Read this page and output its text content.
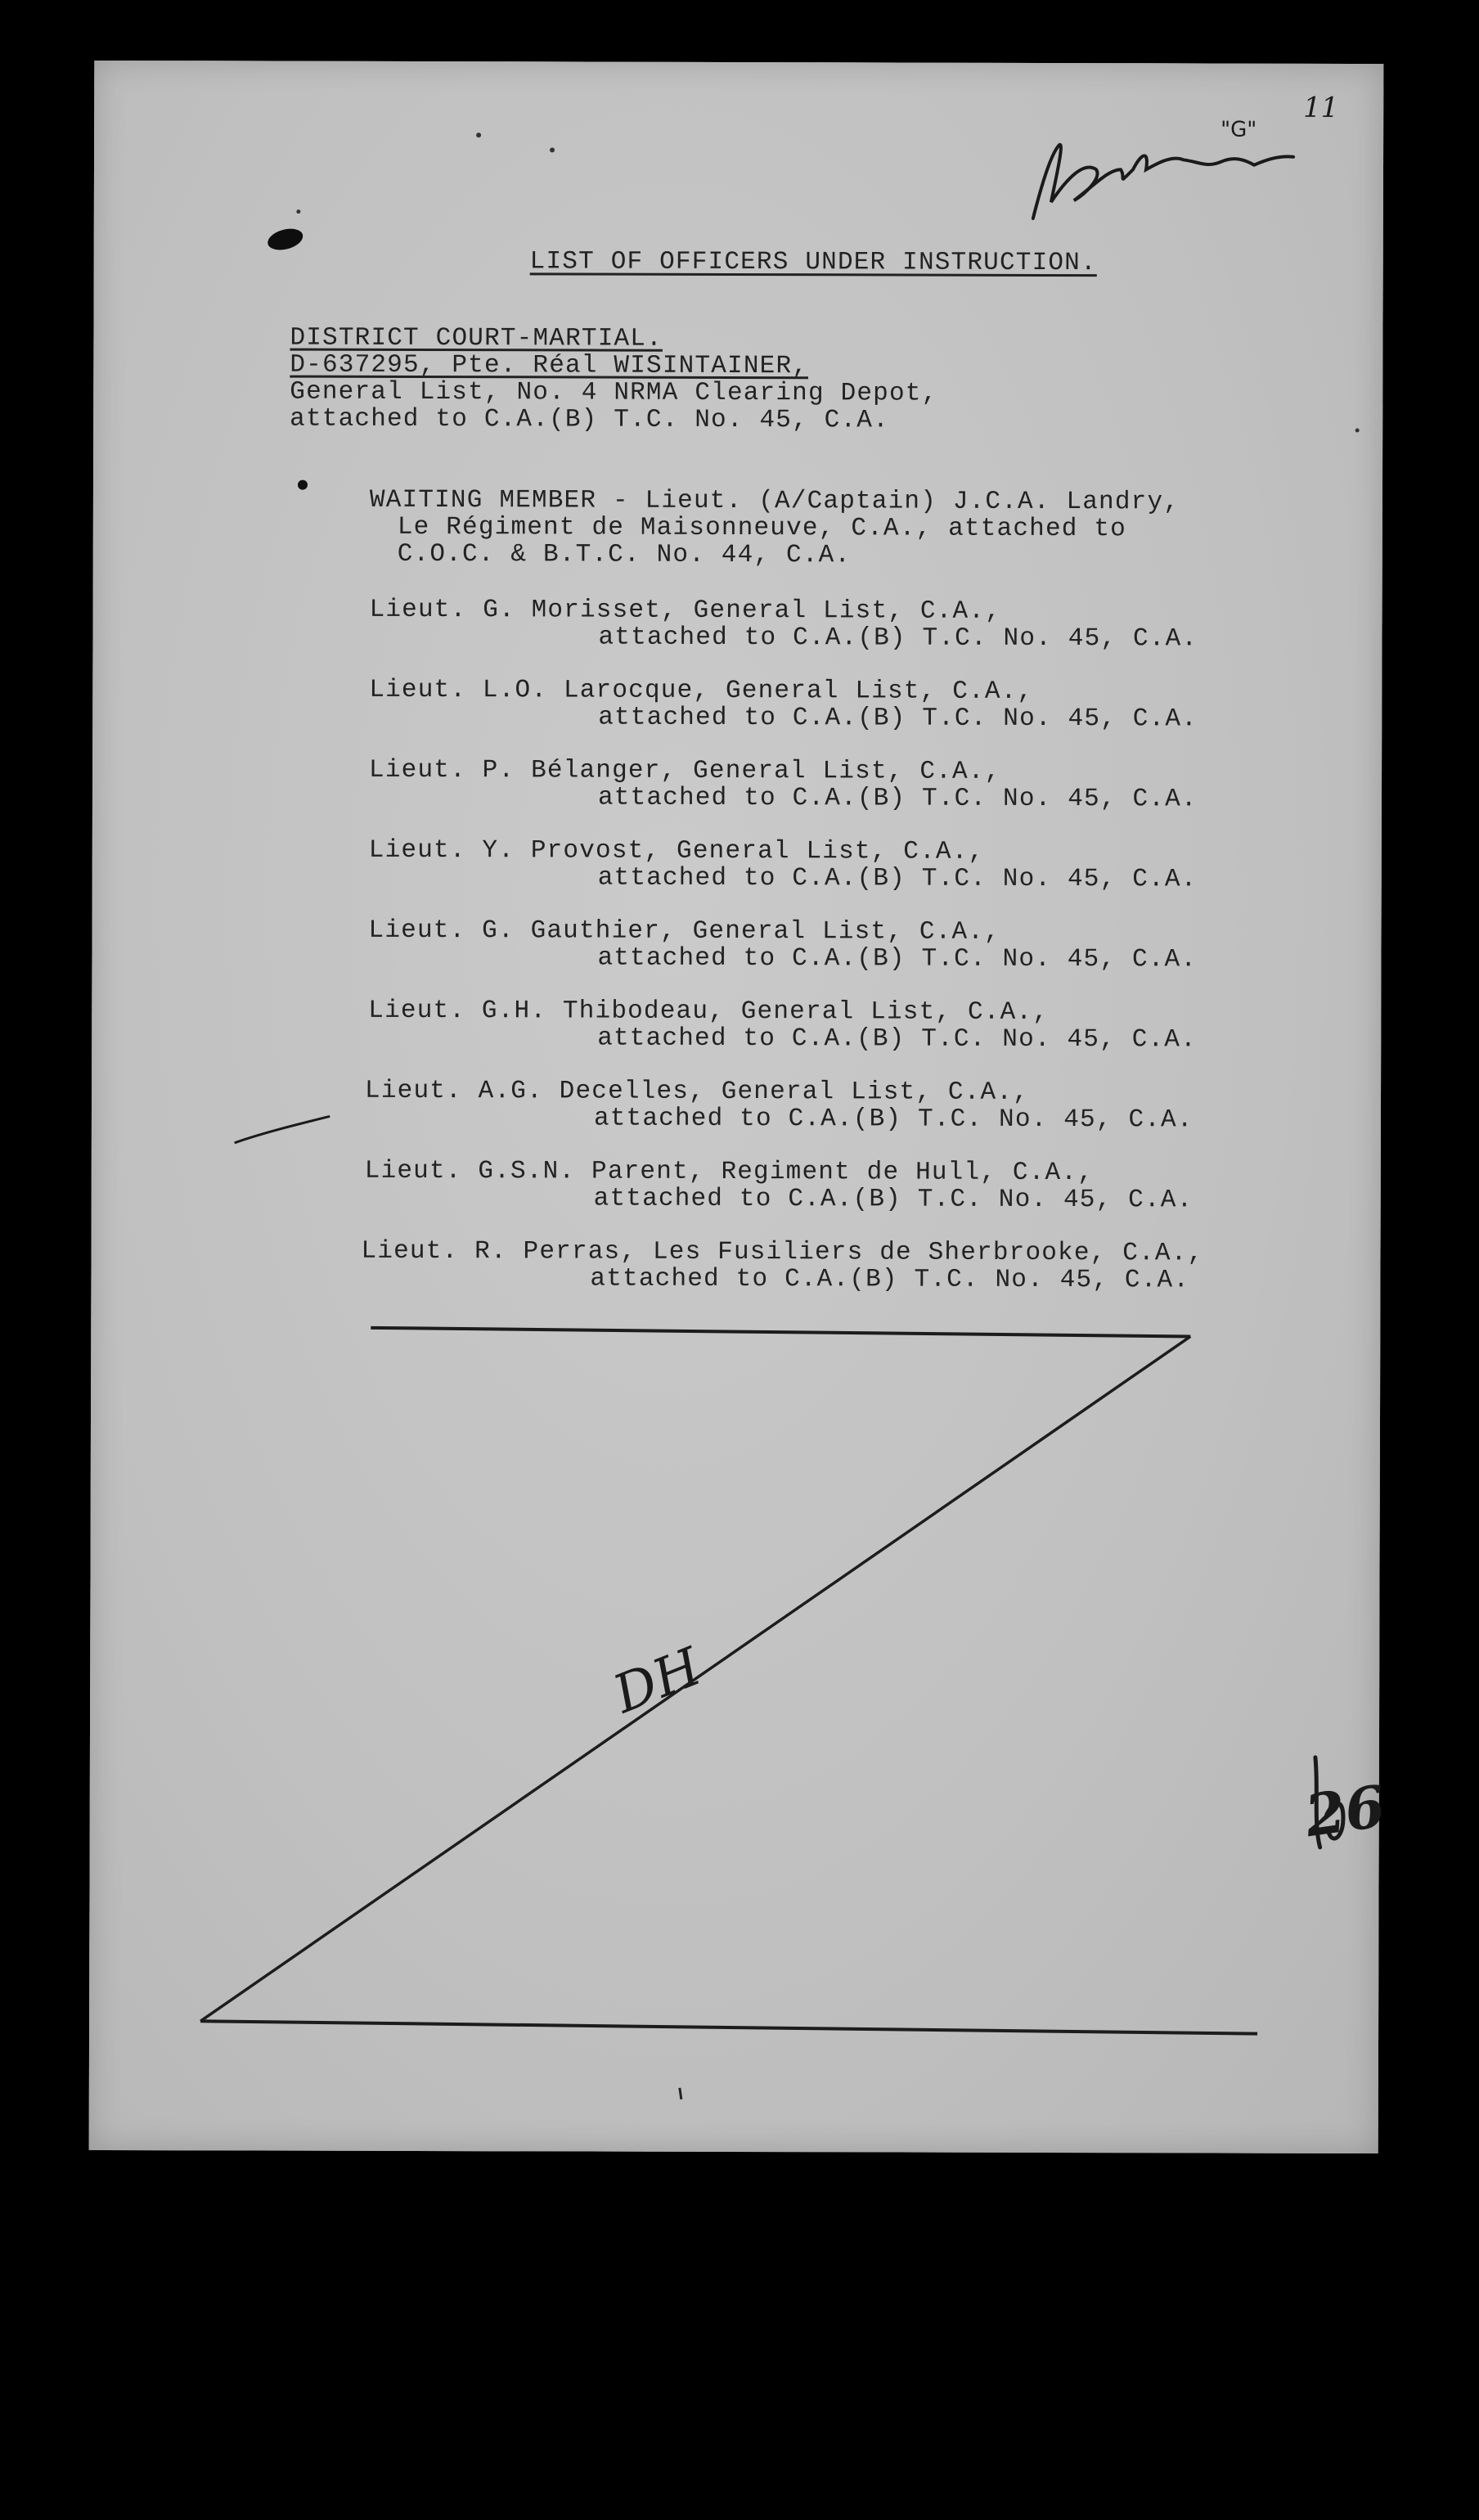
11
"G"
DH
26

LIST OF OFFICERS UNDER INSTRUCTION.

DISTRICT COURT-MARTIAL.

D-637295, Pte. Réal WISINTAINER,

General List, No. 4 NRMA Clearing Depot,

attached to C.A.(B) T.C. No. 45, C.A.

WAITING MEMBER - Lieut. (A/Captain) J.C.A. Landry,

Le Régiment de Maisonneuve, C.A., attached to

C.O.C. & B.T.C. No. 44, C.A.

Lieut. G. Morisset, General List, C.A.,

attached to C.A.(B) T.C. No. 45, C.A.

Lieut. L.O. Larocque, General List, C.A.,

attached to C.A.(B) T.C. No. 45, C.A.

Lieut. P. Bélanger, General List, C.A.,

attached to C.A.(B) T.C. No. 45, C.A.

Lieut. Y. Provost, General List, C.A.,

attached to C.A.(B) T.C. No. 45, C.A.

Lieut. G. Gauthier, General List, C.A.,

attached to C.A.(B) T.C. No. 45, C.A.

Lieut. G.H. Thibodeau, General List, C.A.,

attached to C.A.(B) T.C. No. 45, C.A.

Lieut. A.G. Decelles, General List, C.A.,

attached to C.A.(B) T.C. No. 45, C.A.

Lieut. G.S.N. Parent, Regiment de Hull, C.A.,

attached to C.A.(B) T.C. No. 45, C.A.

Lieut. R. Perras, Les Fusiliers de Sherbrooke, C.A.,

attached to C.A.(B) T.C. No. 45, C.A.
